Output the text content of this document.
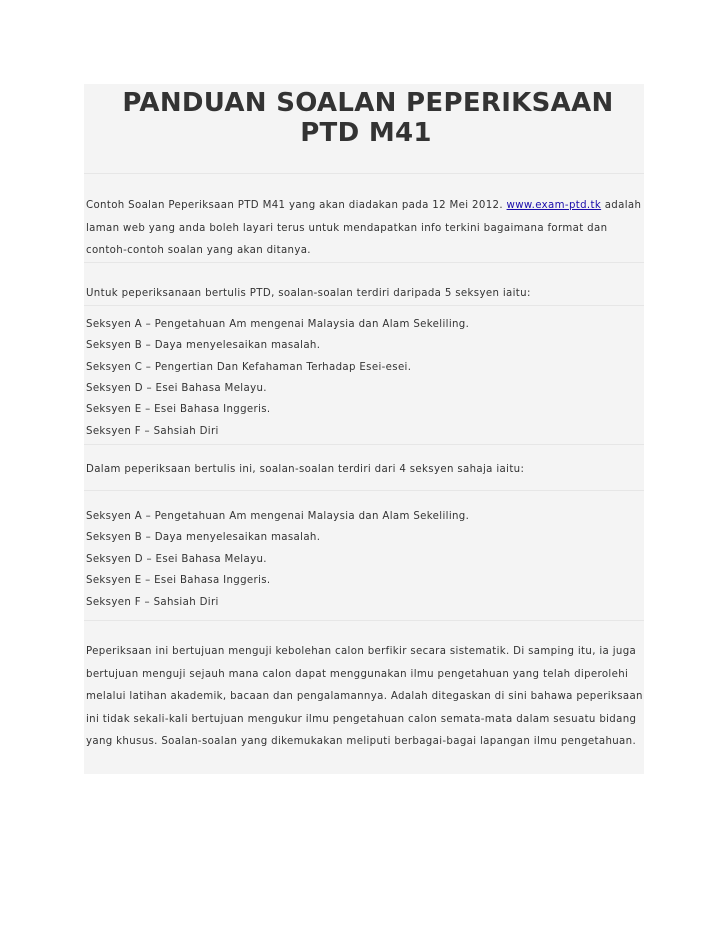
PANDUAN SOALAN PEPERIKSAAN
PTD M41
Contoh Soalan Peperiksaan PTD M41 yang akan diadakan pada 12 Mei 2012. www.exam-ptd.tk adalah
laman web yang anda boleh layari terus untuk mendapatkan info terkini bagaimana format dan
contoh-contoh soalan yang akan ditanya.
Untuk peperiksanaan bertulis PTD, soalan-soalan terdiri daripada 5 seksyen iaitu:
Seksyen A – Pengetahuan Am mengenai Malaysia dan Alam Sekeliling.
Seksyen B – Daya menyelesaikan masalah.
Seksyen C – Pengertian Dan Kefahaman Terhadap Esei-esei.
Seksyen D – Esei Bahasa Melayu.
Seksyen E – Esei Bahasa Inggeris.
Seksyen F – Sahsiah Diri
Dalam peperiksaan bertulis ini, soalan-soalan terdiri dari 4 seksyen sahaja iaitu:
Seksyen A – Pengetahuan Am mengenai Malaysia dan Alam Sekeliling.
Seksyen B – Daya menyelesaikan masalah.
Seksyen D – Esei Bahasa Melayu.
Seksyen E – Esei Bahasa Inggeris.
Seksyen F – Sahsiah Diri
Peperiksaan ini bertujuan menguji kebolehan calon berfikir secara sistematik. Di samping itu, ia juga
bertujuan menguji sejauh mana calon dapat menggunakan ilmu pengetahuan yang telah diperolehi
melalui latihan akademik, bacaan dan pengalamannya. Adalah ditegaskan di sini bahawa peperiksaan
ini tidak sekali-kali bertujuan mengukur ilmu pengetahuan calon semata-mata dalam sesuatu bidang
yang khusus. Soalan-soalan yang dikemukakan meliputi berbagai-bagai lapangan ilmu pengetahuan.
